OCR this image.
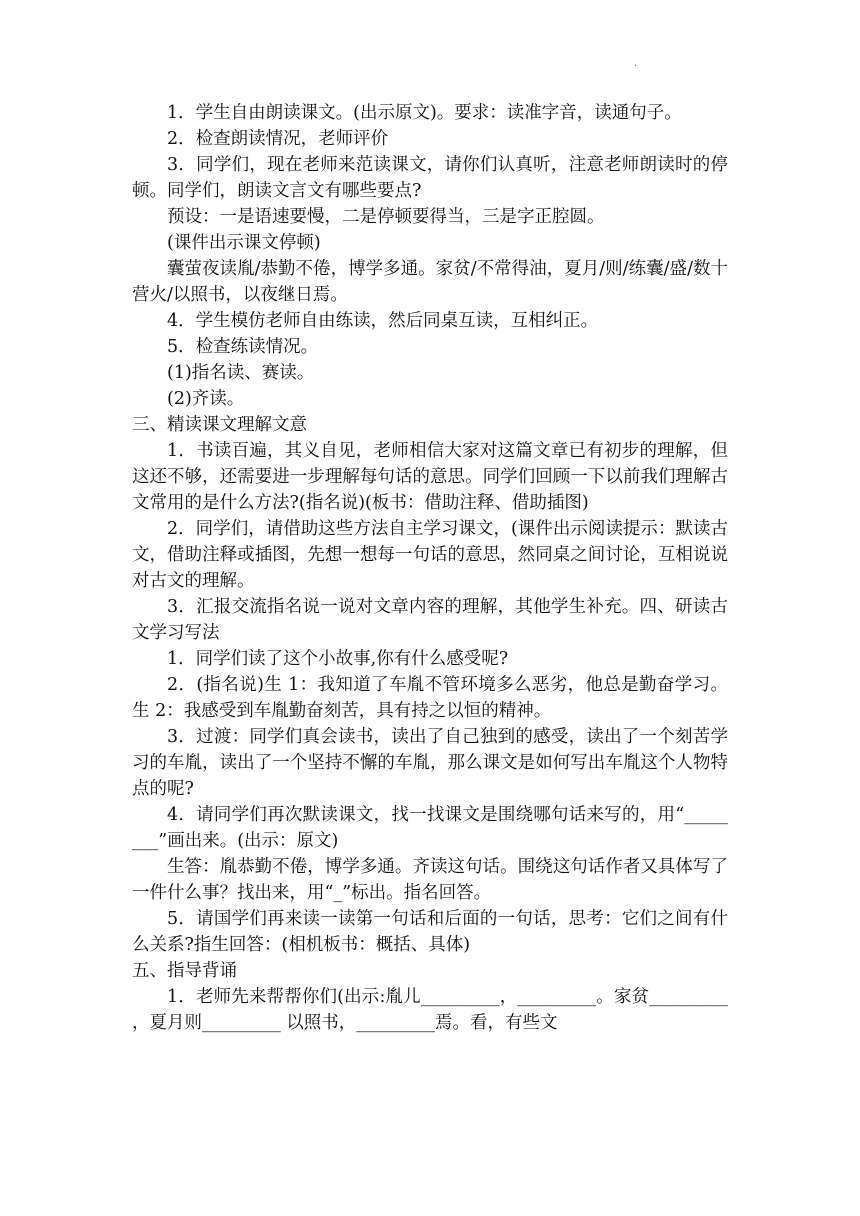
.

1．学生自由朗读课文。(出示原文)。要求：读准字音，读通句子。

2．检查朗读情况，老师评价

3．同学们，现在老师来范读课文，请你们认真听，注意老师朗读时的停顿。同学们，朗读文言文有哪些要点?

预设：一是语速要慢，二是停顿要得当，三是字正腔圆。

(课件出示课文停顿)

囊萤夜读胤/恭勤不倦，博学多通。家贫/不常得油，夏月/则/练囊/盛/数十营火/以照书，以夜继日焉。

4．学生模仿老师自由练读，然后同桌互读，互相纠正。

5．检查练读情况。

(1)指名读、赛读。

(2)齐读。

三、精读课文理解文意

1．书读百遍，其义自见，老师相信大家对这篇文章已有初步的理解，但这还不够，还需要进一步理解每句话的意思。同学们回顾一下以前我们理解古文常用的是什么方法?(指名说)(板书：借助注释、借助插图)

2．同学们，请借助这些方法自主学习课文，(课件出示阅读提示：默读古文，借助注释或插图，先想一想每一句话的意思，然同桌之间讨论，互相说说对古文的理解。

3．汇报交流指名说一说对文章内容的理解，其他学生补充。四、研读古文学习写法

1．同学们读了这个小故事,你有什么感受呢?

2．(指名说)生 1：我知道了车胤不管环境多么恶劣，他总是勤奋学习。生 2：我感受到车胤勤奋刻苦，具有持之以恒的精神。

3．过渡：同学们真会读书，读出了自己独到的感受，读出了一个刻苦学习的车胤，读出了一个坚持不懈的车胤，那么课文是如何写出车胤这个人物特点的呢?

4．请同学们再次默读课文，找一找课文是围绕哪句话来写的，用“________”画出来。(出示：原文)

生答：胤恭勤不倦，博学多通。齐读这句话。围绕这句话作者又具体写了一件什么事？找出来，用“_”标出。指名回答。

5．请国学们再来读一读第一句话和后面的一句话，思考：它们之间有什么关系?指生回答：(相机板书：概括、具体)

五、指导背诵

1．老师先来帮帮你们(出示:胤儿_________，_________。家贫_________ ，夏月则_________ 以照书，_________焉。看，有些文
